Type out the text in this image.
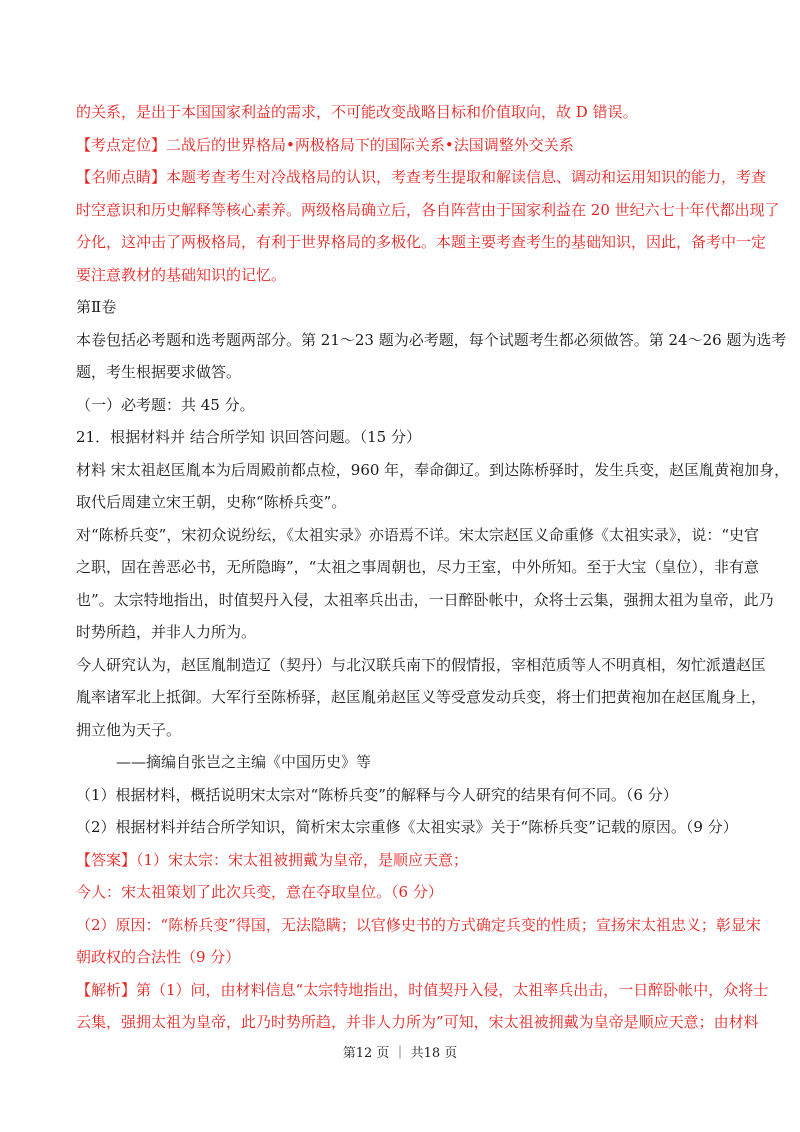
的关系，是出于本国国家利益的需求，不可能改变战略目标和价值取向，故 D 错误。
【考点定位】二战后的世界格局•两极格局下的国际关系•法国调整外交关系
【名师点睛】本题考查考生对冷战格局的认识，考查考生提取和解读信息、调动和运用知识的能力，考查
时空意识和历史解释等核心素养。两级格局确立后，各自阵营由于国家利益在 20 世纪六七十年代都出现了
分化，这冲击了两极格局，有利于世界格局的多极化。本题主要考查考生的基础知识，因此，备考中一定
要注意教材的基础知识的记忆。
第Ⅱ卷
本卷包括必考题和选考题两部分。第 21～23 题为必考题，每个试题考生都必须做答。第 24～26 题为选考
题，考生根据要求做答。
（一）必考题：共 45 分。
21．根据材料并 结合所学知 识回答问题。（15 分）
材料 宋太祖赵匡胤本为后周殿前都点检，960 年，奉命御辽。到达陈桥驿时，发生兵变，赵匡胤黄袍加身，
取代后周建立宋王朝，史称“陈桥兵变”。
对“陈桥兵变”，宋初众说纷纭，《太祖实录》亦语焉不详。宋太宗赵匡义命重修《太祖实录》，说：“史官
之职，固在善恶必书，无所隐晦”，“太祖之事周朝也，尽力王室，中外所知。至于大宝（皇位），非有意
也”。太宗特地指出，时值契丹入侵，太祖率兵出击，一日醉卧帐中，众将士云集，强拥太祖为皇帝，此乃
时势所趋，并非人力所为。
今人研究认为，赵匡胤制造辽（契丹）与北汉联兵南下的假情报，宰相范质等人不明真相，匆忙派遣赵匡
胤率诸军北上抵御。大军行至陈桥驿，赵匡胤弟赵匡义等受意发动兵变，将士们把黄袍加在赵匡胤身上，
拥立他为天子。
——摘编自张岂之主编《中国历史》等
（1）根据材料，概括说明宋太宗对“陈桥兵变”的解释与今人研究的结果有何不同。（6 分）
（2）根据材料并结合所学知识，简析宋太宗重修《太祖实录》关于“陈桥兵变”记载的原因。（9 分）
【答案】（1）宋太宗：宋太祖被拥戴为皇帝，是顺应天意；
今人：宋太祖策划了此次兵变，意在夺取皇位。（6 分）
（2）原因：“陈桥兵变”得国，无法隐瞒；以官修史书的方式确定兵变的性质；宣扬宋太祖忠义；彰显宋
朝政权的合法性（9 分）
【解析】第（1）问，由材料信息“太宗特地指出，时值契丹入侵，太祖率兵出击，一日醉卧帐中，众将士
云集，强拥太祖为皇帝，此乃时势所趋，并非人力所为”可知，宋太祖被拥戴为皇帝是顺应天意；由材料
第12 页 ｜ 共18 页
